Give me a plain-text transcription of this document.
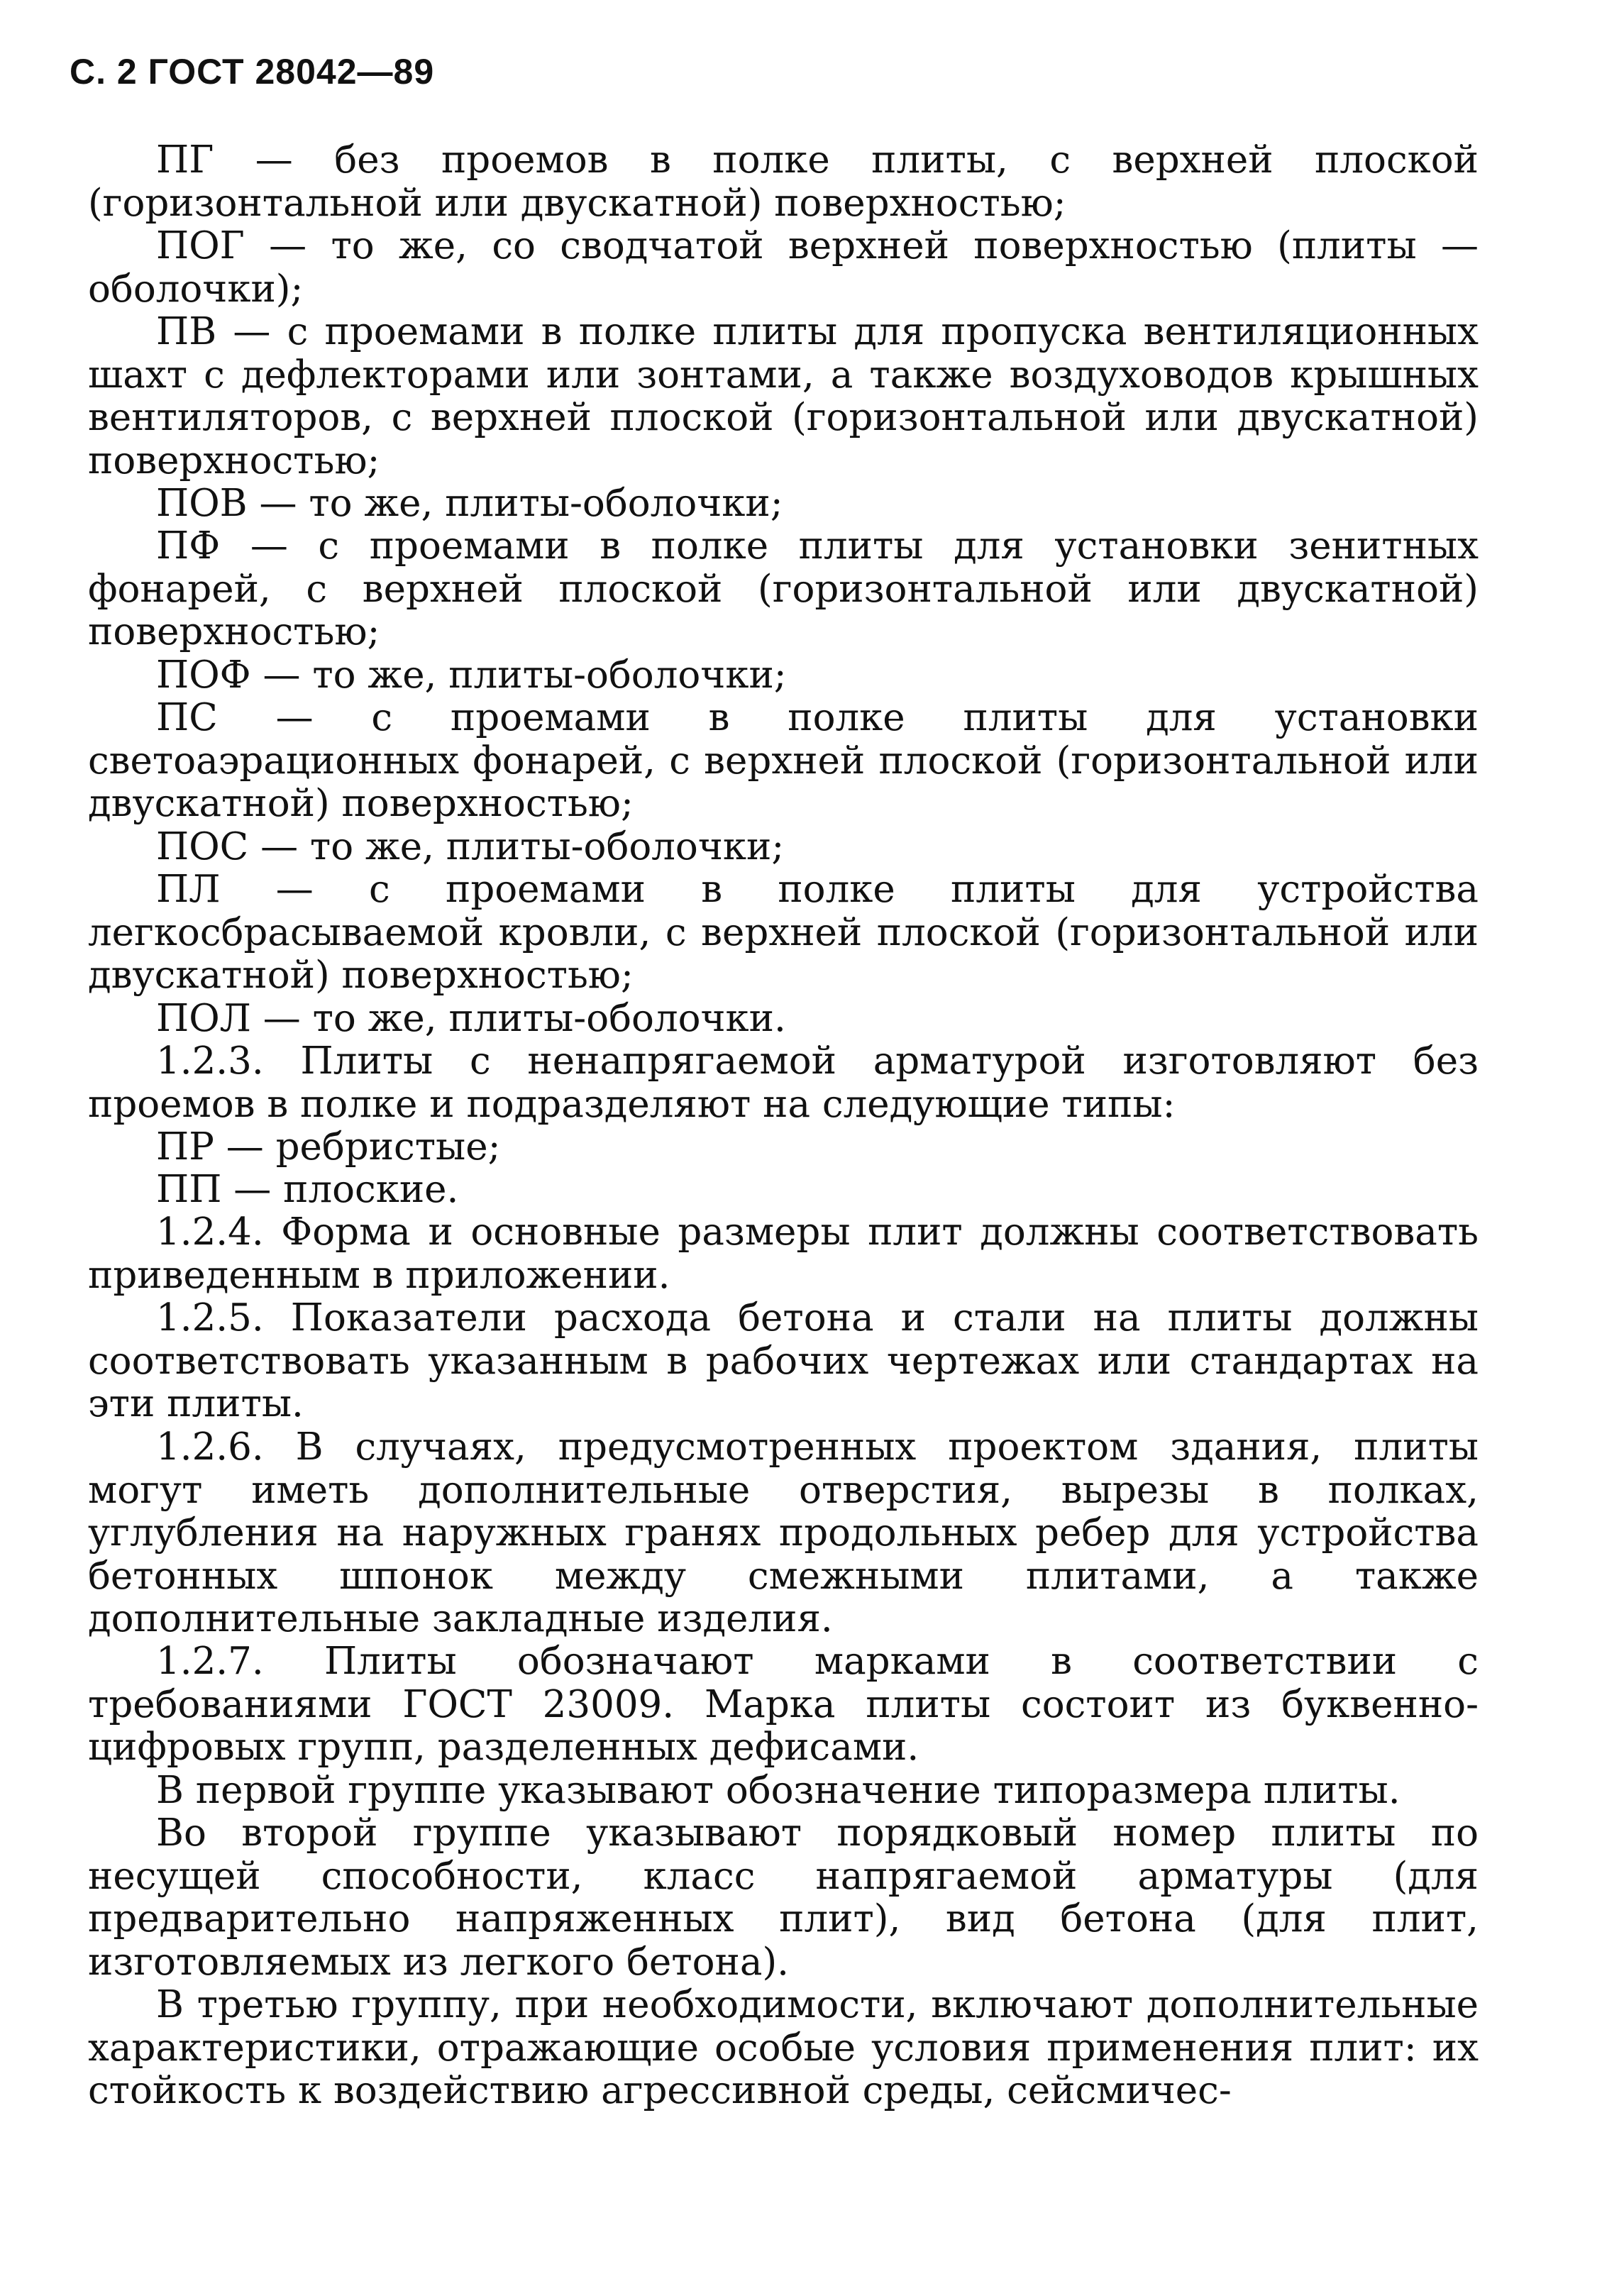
С. 2 ГОСТ 28042—89

ПГ — без проемов в полке плиты, с верхней плоской (горизонтальной или двускатной) поверхностью;

ПОГ — то же, со сводчатой верхней поверхностью (плиты — оболочки);

ПВ — с проемами в полке плиты для пропуска вентиляционных шахт с дефлекторами или зонтами, а также воздуховодов крышных вентиляторов, с верхней плоской (горизонтальной или двускатной) поверхностью;

ПОВ — то же, плиты-оболочки;

ПФ — с проемами в полке плиты для установки зенитных фонарей, с верхней плоской (горизонтальной или двускатной) поверхностью;

ПОФ — то же, плиты-оболочки;

ПС — с проемами в полке плиты для установки светоаэрационных фонарей, с верхней плоской (горизонтальной или двускатной) поверхностью;

ПОС — то же, плиты-оболочки;

ПЛ — с проемами в полке плиты для устройства легкосбрасываемой кровли, с верхней плоской (горизонтальной или двускатной) поверхностью;

ПОЛ — то же, плиты-оболочки.

1.2.3. Плиты с ненапрягаемой арматурой изготовляют без проемов в полке и подразделяют на следующие типы:

ПР — ребристые;

ПП — плоские.

1.2.4. Форма и основные размеры плит должны соответствовать приведенным в приложении.

1.2.5. Показатели расхода бетона и стали на плиты должны соответствовать указанным в рабочих чертежах или стандартах на эти плиты.

1.2.6. В случаях, предусмотренных проектом здания, плиты могут иметь дополнительные отверстия, вырезы в полках, углубления на наружных гранях продольных ребер для устройства бетонных шпонок между смежными плитами, а также дополнительные закладные изделия.

1.2.7. Плиты обозначают марками в соответствии с требованиями ГОСТ 23009. Марка плиты состоит из буквенно-цифровых групп, разделенных дефисами.

В первой группе указывают обозначение типоразмера плиты.

Во второй группе указывают порядковый номер плиты по несущей способности, класс напрягаемой арматуры (для предварительно напряженных плит), вид бетона (для плит, изготовляемых из легкого бетона).

В третью группу, при необходимости, включают дополнительные характеристики, отражающие особые условия применения плит: их стойкость к воздействию агрессивной среды, сейсмичес-
